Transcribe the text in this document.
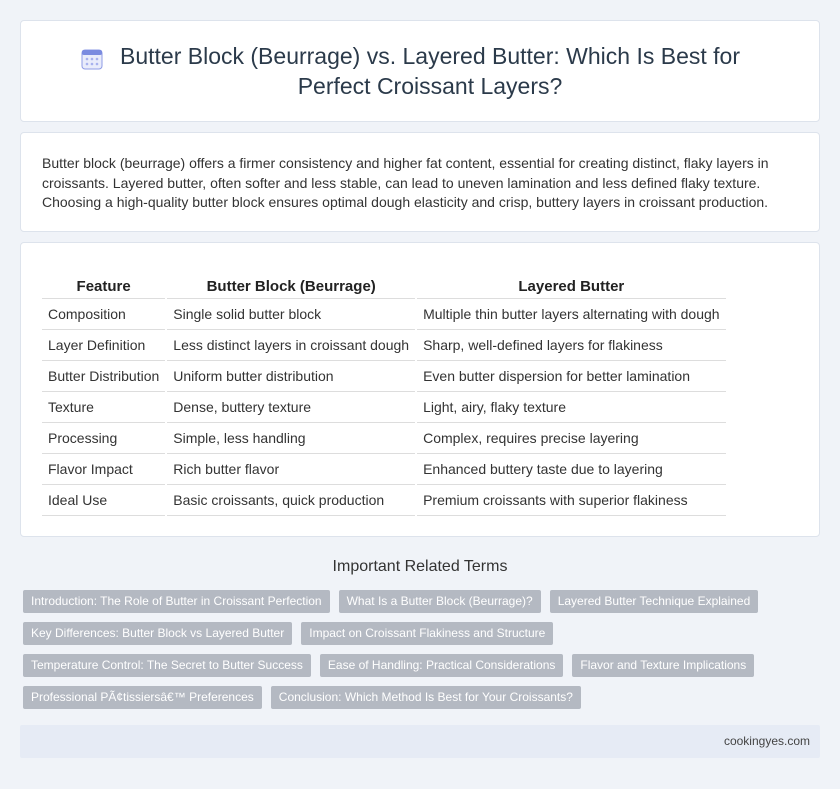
Butter Block (Beurrage) vs. Layered Butter: Which Is Best for Perfect Croissant Layers?

Butter block (beurrage) offers a firmer consistency and higher fat content, essential for creating distinct, flaky layers in croissants. Layered butter, often softer and less stable, can lead to uneven lamination and less defined flaky texture. Choosing a high-quality butter block ensures optimal dough elasticity and crisp, buttery layers in croissant production.

Feature	Butter Block (Beurrage)	Layered Butter
Composition	Single solid butter block	Multiple thin butter layers alternating with dough
Layer Definition	Less distinct layers in croissant dough	Sharp, well-defined layers for flakiness
Butter Distribution	Uniform butter distribution	Even butter dispersion for better lamination
Texture	Dense, buttery texture	Light, airy, flaky texture
Processing	Simple, less handling	Complex, requires precise layering
Flavor Impact	Rich butter flavor	Enhanced buttery taste due to layering
Ideal Use	Basic croissants, quick production	Premium croissants with superior flakiness
Important Related Terms
Introduction: The Role of Butter in Croissant Perfection	What Is a Butter Block (Beurrage)?	Layered Butter Technique Explained
Key Differences: Butter Block vs Layered Butter	Impact on Croissant Flakiness and Structure
Temperature Control: The Secret to Butter Success	Ease of Handling: Practical Considerations	Flavor and Texture Implications
Professional PÃ¢tissiersâ€™ Preferences	Conclusion: Which Method Is Best for Your Croissants?
cookingyes.com
